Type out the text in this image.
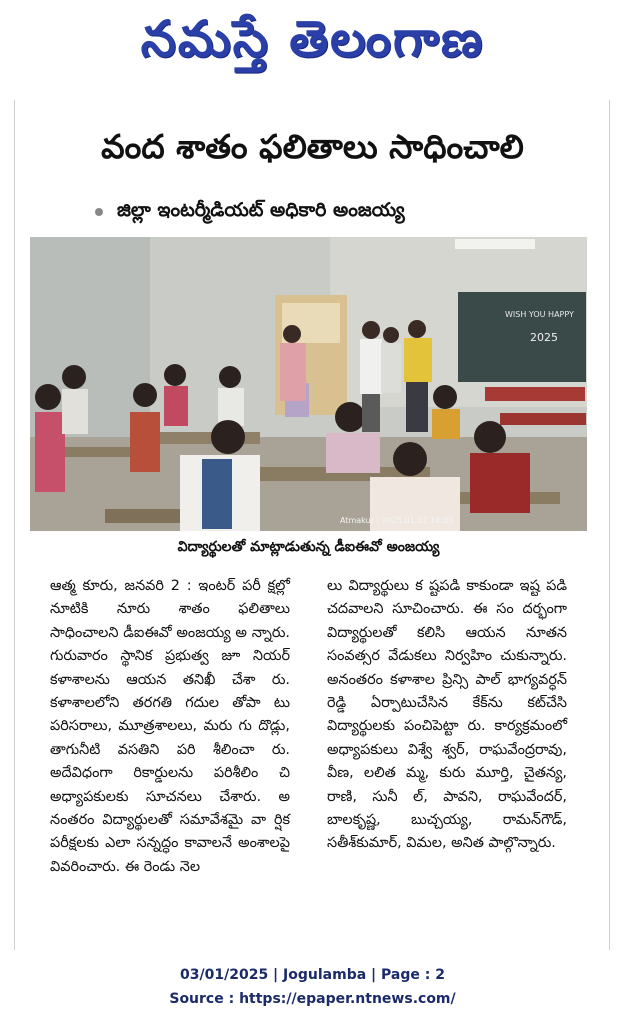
నమస్తే తెలంగాణ
వంద శాతం ఫలితాలు సాధించాలి
జిల్లా ఇంటర్మీడియట్ అధికారి అంజయ్య
WISH YOU HAPPY
2025
Atmakur | 2025.01.02 14:03
విద్యార్థులతో మాట్లాడుతున్న డీఐఈవో అంజయ్య

ఆత్మ కూరు, జనవరి 2 : ఇంటర్ పరీ క్షల్లో నూటికి నూరు శాతం ఫలితాలు సాధించాలని డీఐఈవో అంజయ్య అ న్నారు. గురువారం స్థానిక ప్రభుత్వ జూ నియర్ కళాశాలను ఆయన తనిఖీ చేశా రు. కళాశాలలోని తరగతి గదుల తోపా టు పరిసరాలు, మూత్రశాలలు, మరు గు దొడ్లు, తాగునీటి వసతిని పరి శీలించా రు. అదేవిధంగా రికార్డులను పరిశీలిం చి అధ్యాపకులకు సూచనలు చేశారు. అ నంతరం విద్యార్థులతో సమావేశమై వా ర్షిక పరీక్షలకు ఎలా సన్నద్ధం కావాలనే అంశాలపై వివరించారు. ఈ రెండు నెల

లు విద్యార్థులు క ష్టపడి కాకుండా ఇష్ట పడి చదవాలని సూచించారు. ఈ సం దర్భంగా విద్యార్థులతో కలిసి ఆయన నూతన సంవత్సర వేడుకలు నిర్వహిం చుకున్నారు. అనంతరం కళాశాల ప్రిన్సి పాల్ భాగ్యవర్ధన్ రెడ్డి ఏర్పాటుచేసిన కేక్‌ను కట్‌చేసి విద్యార్థులకు పంచిపెట్టా రు. కార్యక్రమంలో అధ్యాపకులు విశ్వే శ్వర్, రాఘవేంద్రరావు, వీణ, లలిత మ్మ, కురు మూర్తి, చైతన్య, రాణి, సునీ ల్, పావని, రాఘవేందర్, బాలకృష్ణ, బుచ్చయ్య, రామన్‌గౌడ్, సతీశ్‌కుమార్, విమల, అనిత పాల్గొన్నారు.

03/01/2025 | Jogulamba | Page : 2
Source : https://epaper.ntnews.com/
